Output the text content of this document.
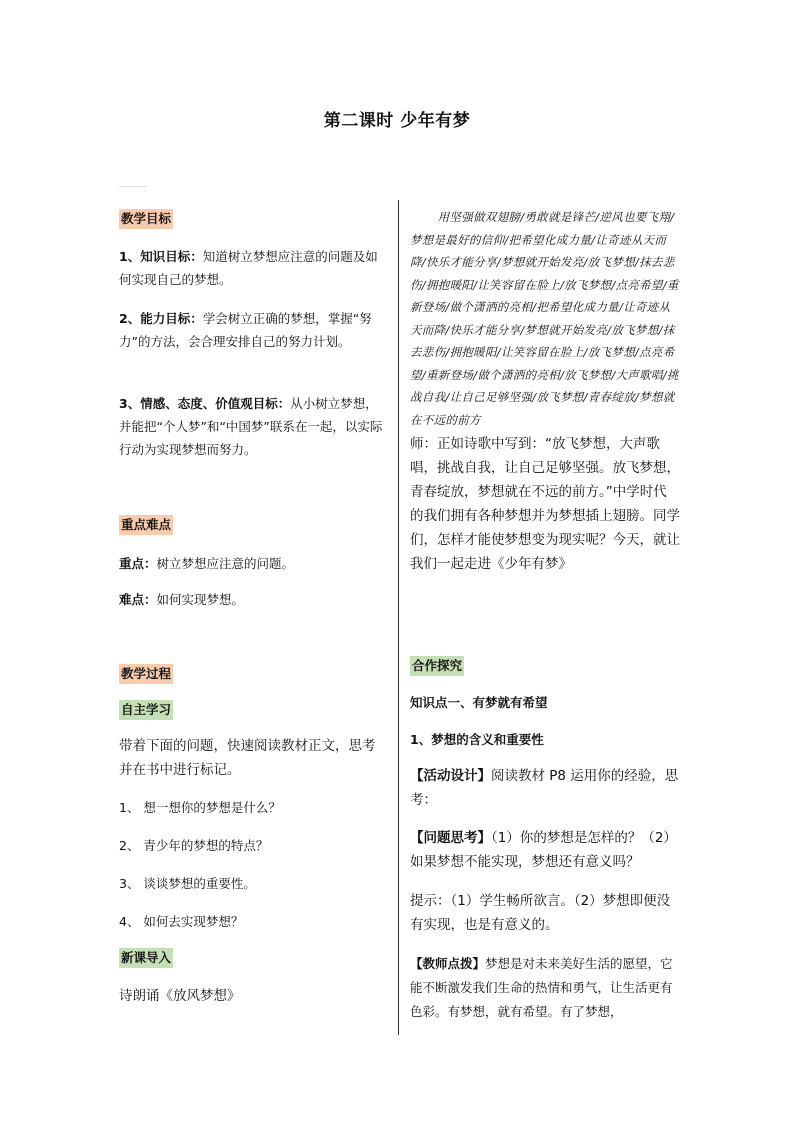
第二课时 少年有梦
教学目标

1、知识目标：知道树立梦想应注意的问题及如何实现自己的梦想。

2、能力目标：学会树立正确的梦想，掌握“努力”的方法，会合理安排自己的努力计划。

3、情感、态度、价值观目标：从小树立梦想，并能把“个人梦”和“中国梦”联系在一起，以实际行动为实现梦想而努力。

重点难点

重点：树立梦想应注意的问题。

难点：如何实现梦想。

教学过程
自主学习

带着下面的问题，快速阅读教材正文，思考并在书中进行标记。

1、 想一想你的梦想是什么？

2、 青少年的梦想的特点？

3、 谈谈梦想的重要性。

4、 如何去实现梦想？

新课导入

诗朗诵《放风梦想》

用坚强做双翅膀/勇敢就是锋芒/逆风也要飞翔/梦想是最好的信仰/把希望化成力量/让奇迹从天而降/快乐才能分享/梦想就开始发亮/放飞梦想/抹去悲伤/拥抱暖阳/让笑容留在脸上/放飞梦想/点亮希望/重新登场/做个潇洒的亮相/把希望化成力量/让奇迹从天而降/快乐才能分享/梦想就开始发亮/放飞梦想/抹去悲伤/拥抱暖阳/让笑容留在脸上/放飞梦想/点亮希望/重新登场/做个潇洒的亮相/放飞梦想/大声歌唱/挑战自我/让自己足够坚强/放飞梦想/青春绽放/梦想就在不远的前方

师：正如诗歌中写到：“放飞梦想，大声歌唱，挑战自我，让自己足够坚强。放飞梦想，青春绽放，梦想就在不远的前方。”中学时代的我们拥有各种梦想并为梦想插上翅膀。同学们，怎样才能使梦想变为现实呢？今天，就让我们一起走进《少年有梦》

合作探究

知识点一、有梦就有希望

1、梦想的含义和重要性

【活动设计】阅读教材 P8 运用你的经验，思考：

【问题思考】（1）你的梦想是怎样的？（2）如果梦想不能实现，梦想还有意义吗？

提示：（1）学生畅所欲言。（2）梦想即便没有实现，也是有意义的。

【教师点拨】梦想是对未来美好生活的愿望，它能不断激发我们生命的热情和勇气，让生活更有色彩。有梦想，就有希望。有了梦想，
